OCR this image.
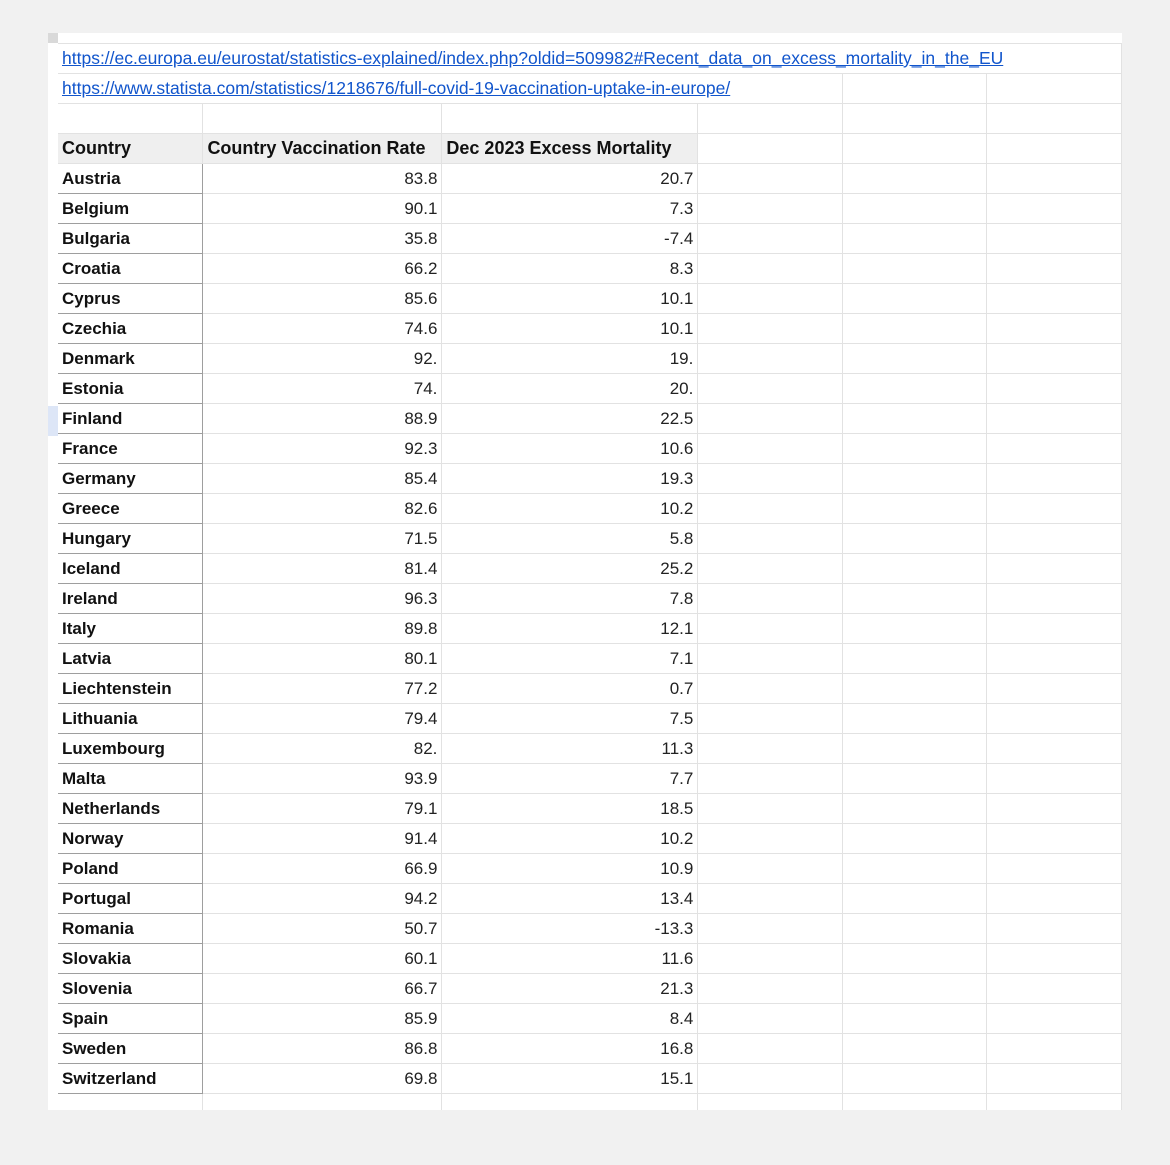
https://ec.europa.eu/eurostat/statistics-explained/index.php?oldid=509982#Recent_data_on_excess_mortality_in_the_EU					
https://www.statista.com/statistics/1218676/full-covid-19-vaccination-uptake-in-europe/					

Country	Country Vaccination Rate	Dec 2023 Excess Mortality			
Austria	83.8	20.7			
Belgium	90.1	7.3			
Bulgaria	35.8	-7.4			
Croatia	66.2	8.3			
Cyprus	85.6	10.1			
Czechia	74.6	10.1			
Denmark	92.	19.			
Estonia	74.	20.			
Finland	88.9	22.5			
France	92.3	10.6			
Germany	85.4	19.3			
Greece	82.6	10.2			
Hungary	71.5	5.8			
Iceland	81.4	25.2			
Ireland	96.3	7.8			
Italy	89.8	12.1			
Latvia	80.1	7.1			
Liechtenstein	77.2	0.7			
Lithuania	79.4	7.5			
Luxembourg	82.	11.3			
Malta	93.9	7.7			
Netherlands	79.1	18.5			
Norway	91.4	10.2			
Poland	66.9	10.9			
Portugal	94.2	13.4			
Romania	50.7	-13.3			
Slovakia	60.1	11.6			
Slovenia	66.7	21.3			
Spain	85.9	8.4			
Sweden	86.8	16.8			
Switzerland	69.8	15.1			
